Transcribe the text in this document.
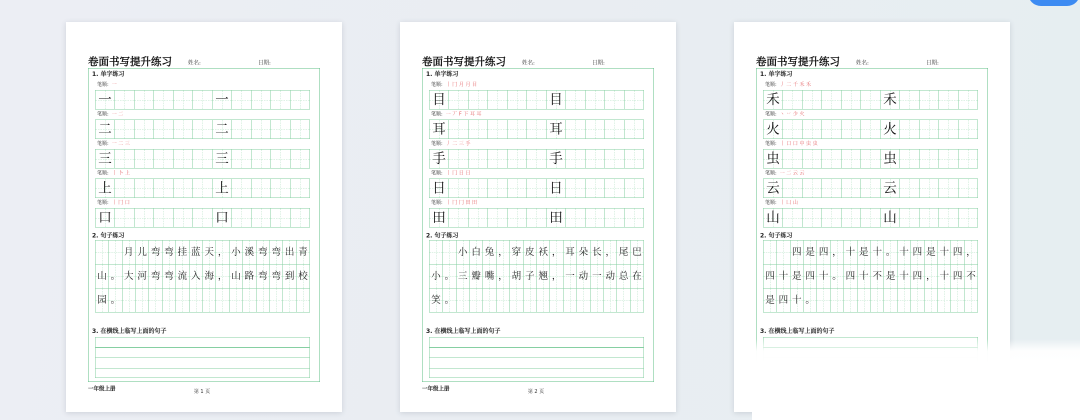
卷面书写提升练习 姓名:	日期:
1. 单字练习
笔顺: 一
一	一
笔顺: 一 二
二	二
笔顺: 一 二 三
三	三
笔顺: 丨 卜 上
上	上
笔顺: 丨 冂 口
口	口
2. 句子练习
月 儿 弯 弯 挂 蓝 天 ， 小 溪 弯 弯 出 青
山 。 大 河 弯 弯 流 入 海 ， 山 路 弯 弯 到 校
园 。
3. 在横线上临写上面的句子
一年级上册	第 1 页
卷面书写提升练习 姓名:	日期:
1. 单字练习
笔顺: 丨 冂 月 月 目
目	目
笔顺: 一 丆 F 下 耳 耳
耳	耳
笔顺: 丿 二 三 手
手	手
笔顺: 丨 冂 日 日
日	日
笔顺: 丨 冂 冂 田 田
田	田
2. 句子练习
小 白 兔 ， 穿 皮 袄 ， 耳 朵 长 ， 尾 巴
小 。 三 瓣 嘴 ， 胡 子 翘 ， 一 动 一 动 总 在
笑 。
3. 在横线上临写上面的句子
一年级上册	第 2 页
卷面书写提升练习 姓名:	日期:
1. 单字练习
笔顺: 丿 二 千 禾 禾
禾	禾
笔顺: 丶 丷 少 火
火	火
笔顺: 丨 口 口 中 虫 虫
虫	虫
笔顺: 一 二 云 云
云	云
笔顺: 丨 凵 山
山	山
2. 句子练习
四 是 四 ， 十 是 十 。 十 四 是 十 四 ，
四 十 是 四 十 。 四 十 不 是 十 四 ， 十 四 不
是 四 十 。
3. 在横线上临写上面的句子
